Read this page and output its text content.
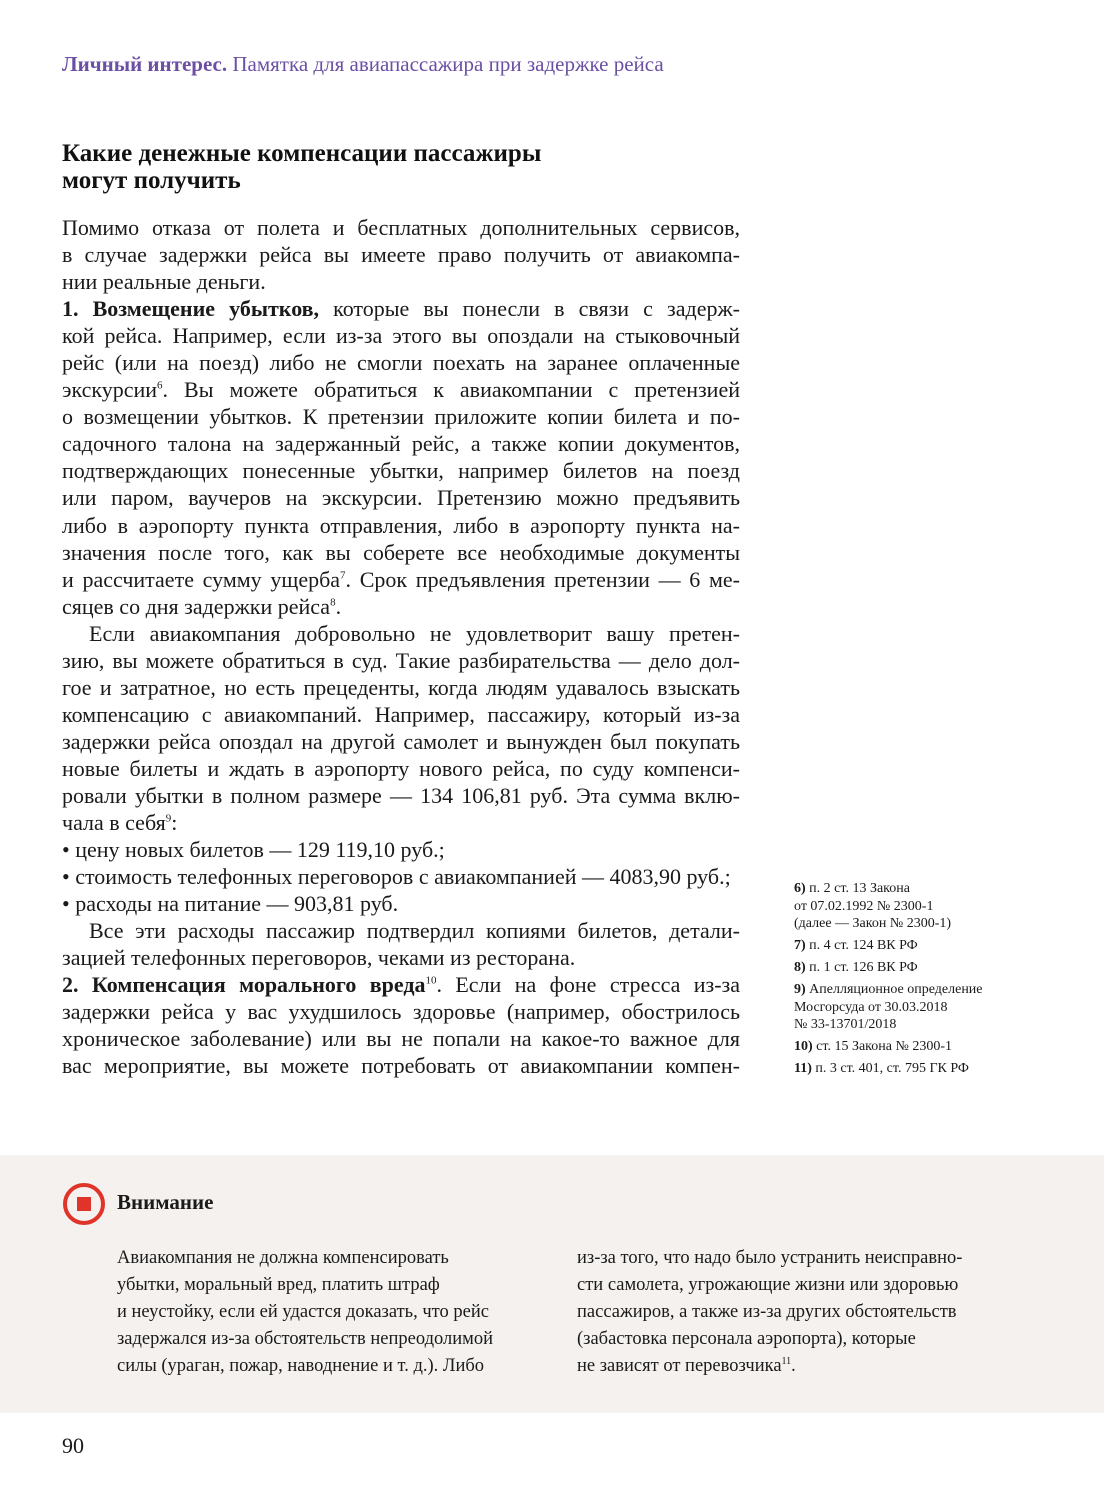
Личный интерес. Памятка для авиапассажира при задержке рейса
Какие денежные компенсации пассажиры
могут получить
Помимо отказа от полета и бесплатных дополнительных сервисов,
в случае задержки рейса вы имеете право получить от авиакомпа-
нии реальные деньги.
1. Возмещение убытков, которые вы понесли в связи с задерж-
кой рейса. Например, если из-за этого вы опоздали на стыковочный
рейс (или на поезд) либо не смогли поехать на заранее оплаченные
экскурсии$^6$. Вы можете обратиться к авиакомпании с претензией
о возмещении убытков. К претензии приложите копии билета и по-
садочного талона на задержанный рейс, а также копии документов,
подтверждающих понесенные убытки, например билетов на поезд
или паром, ваучеров на экскурсии. Претензию можно предъявить
либо в аэропорту пункта отправления, либо в аэропорту пункта на-
значения после того, как вы соберете все необходимые документы
и рассчитаете сумму ущерба$^7$. Срок предъявления претензии — 6 ме-
сяцев со дня задержки рейса$^8$.
Если авиакомпания добровольно не удовлетворит вашу претен-
зию, вы можете обратиться в суд. Такие разбирательства — дело дол-
гое и затратное, но есть прецеденты, когда людям удавалось взыскать
компенсацию с авиакомпаний. Например, пассажиру, который из-за
задержки рейса опоздал на другой самолет и вынужден был покупать
новые билеты и ждать в аэропорту нового рейса, по суду компенси-
ровали убытки в полном размере — 134 106,81 руб. Эта сумма вклю-
чала в себя$^9$:
• цену новых билетов — 129 119,10 руб.;
• стоимость телефонных переговоров с авиакомпанией — 4083,90 руб.;
• расходы на питание — 903,81 руб.
Все эти расходы пассажир подтвердил копиями билетов, детали-
зацией телефонных переговоров, чеками из ресторана.
2. Компенсация морального вреда$^{10}$. Если на фоне стресса из-за
задержки рейса у вас ухудшилось здоровье (например, обострилось
хроническое заболевание) или вы не попали на какое-то важное для
вас мероприятие, вы можете потребовать от авиакомпании компен-
6) п. 2 ст. 13 Закона
от 07.02.1992 № 2300-1
(далее — Закон № 2300-1)
7) п. 4 ст. 124 ВК РФ
8) п. 1 ст. 126 ВК РФ
9) Апелляционное определение
Мосгорсуда от 30.03.2018
№ 33-13701/2018
10) ст. 15 Закона № 2300-1
11) п. 3 ст. 401, ст. 795 ГК РФ
Внимание
Авиакомпания не должна компенсировать
убытки, моральный вред, платить штраф
и неустойку, если ей удастся доказать, что рейс
задержался из-за обстоятельств непреодолимой
силы (ураган, пожар, наводнение и т. д.). Либо
из-за того, что надо было устранить неисправно-
сти самолета, угрожающие жизни или здоровью
пассажиров, а также из-за других обстоятельств
(забастовка персонала аэропорта), которые
не зависят от перевозчика$^{11}$.
90
